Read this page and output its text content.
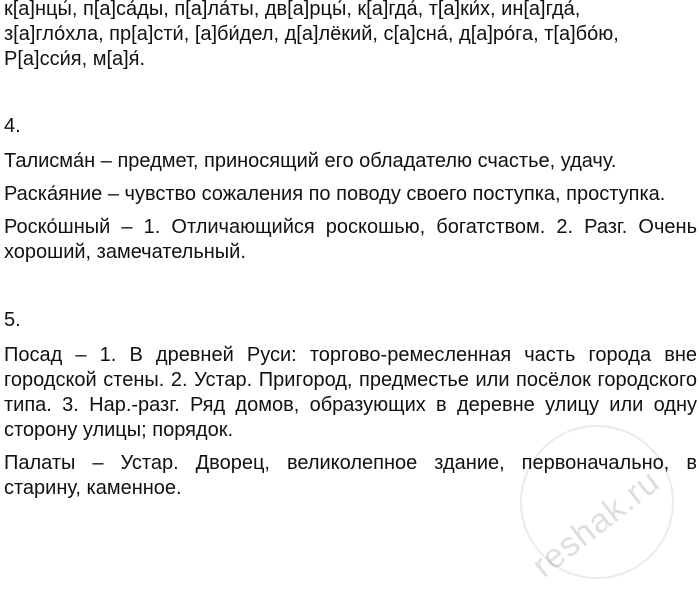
к[а]нцы́, п[а]са́ды, п[а]ла́ты, дв[а]рцы́, к[а]гда́, т[а]ки́х, ин[а]гда́,

з[а]гло́хла, пр[а]сти́, [а]би́дел, д[а]лёкий, с[а]сна́, д[а]ро́га, т[а]бо́ю,

Р[а]сси́я, м[а]я́.

4.

Талисма́н – предмет, приносящий его обладателю счастье, удачу.

Раска́яние – чувство сожаления по поводу своего поступка, проступка.

Роско́шный – 1. Отличающийся роскошью, богатством. 2. Разг. Очень хороший, замечательный.

5.

Посад – 1. В древней Руси: торгово-ремесленная часть города вне городской стены. 2. Устар. Пригород, предместье или посёлок городского типа. 3. Нар.-разг. Ряд домов, образующих в деревне улицу или одну сторону улицы; порядок.

Палаты – Устар. Дворец, великолепное здание, первоначально, в старину, каменное.	reshak.ru
